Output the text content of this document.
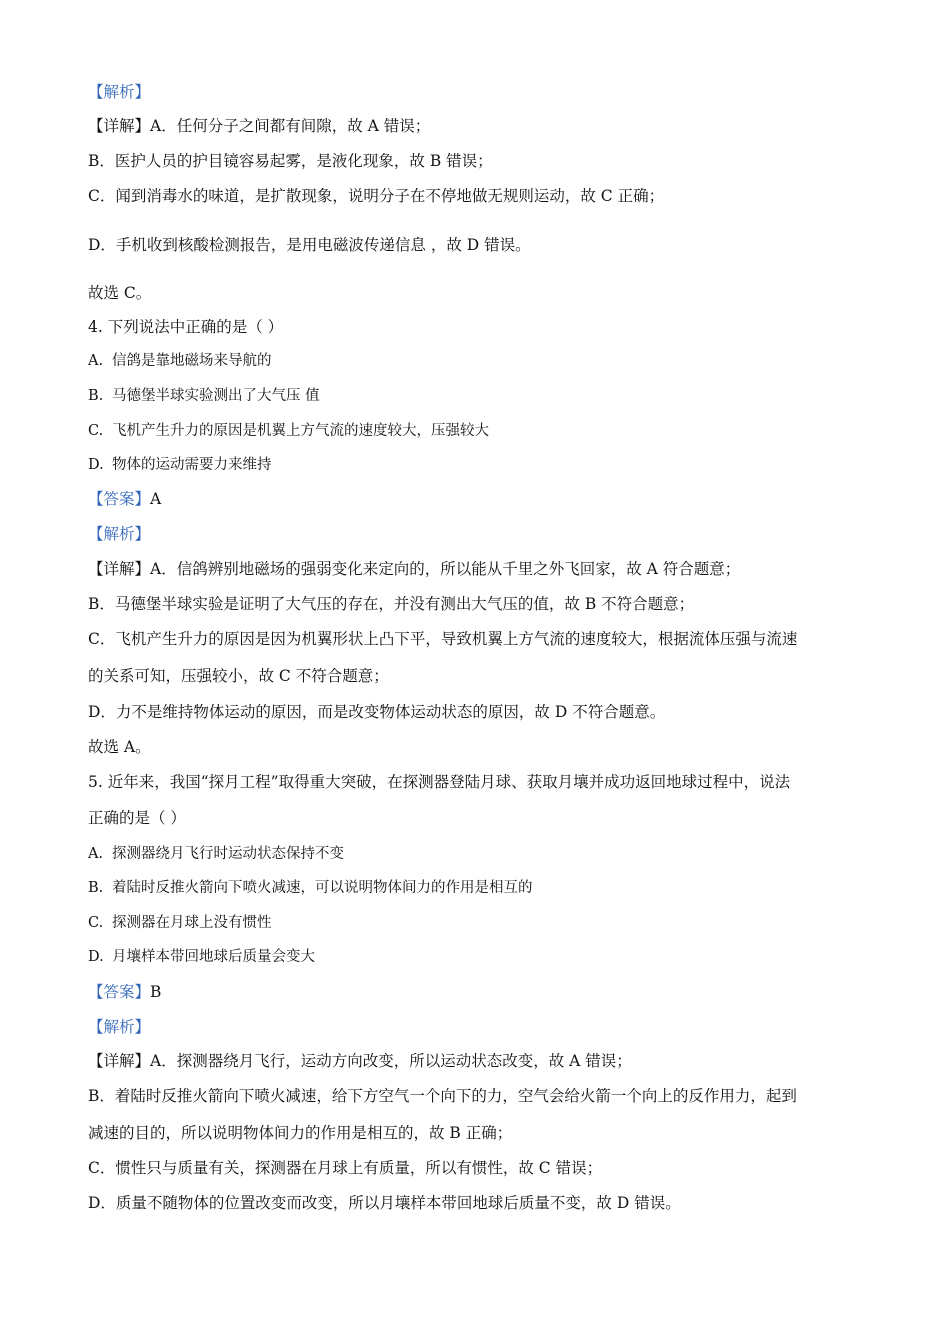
【解析】
【详解】A．任何分子之间都有间隙，故 A 错误；
B．医护人员的护目镜容易起雾，是液化现象，故 B 错误；
C．闻到消毒水的味道，是扩散现象，说明分子在不停地做无规则运动，故 C 正确；
D．手机收到核酸检测报告，是用电磁波传递信息 ，故 D 错误。
故选 C。
4. 下列说法中正确的是（ ）
A. 信鸽是靠地磁场来导航的
B. 马德堡半球实验测出了大气压 值
C. 飞机产生升力的原因是机翼上方气流的速度较大，压强较大
D. 物体的运动需要力来维持
【答案】A
【解析】
【详解】A．信鸽辨别地磁场的强弱变化来定向的，所以能从千里之外飞回家，故 A 符合题意；
B．马德堡半球实验是证明了大气压的存在，并没有测出大气压的值，故 B 不符合题意；
C．飞机产生升力的原因是因为机翼形状上凸下平，导致机翼上方气流的速度较大，根据流体压强与流速
的关系可知，压强较小，故 C 不符合题意；
D．力不是维持物体运动的原因，而是改变物体运动状态的原因，故 D 不符合题意。
故选 A。
5. 近年来，我国“探月工程”取得重大突破，在探测器登陆月球、获取月壤并成功返回地球过程中，说法
正确的是（ ）
A. 探测器绕月飞行时运动状态保持不变
B. 着陆时反推火箭向下喷火减速，可以说明物体间力的作用是相互的
C. 探测器在月球上没有惯性
D. 月壤样本带回地球后质量会变大
【答案】B
【解析】
【详解】A．探测器绕月飞行，运动方向改变，所以运动状态改变，故 A 错误；
B．着陆时反推火箭向下喷火减速，给下方空气一个向下的力，空气会给火箭一个向上的反作用力，起到
减速的目的，所以说明物体间力的作用是相互的，故 B 正确；
C．惯性只与质量有关，探测器在月球上有质量，所以有惯性，故 C 错误；
D．质量不随物体的位置改变而改变，所以月壤样本带回地球后质量不变，故 D 错误。
